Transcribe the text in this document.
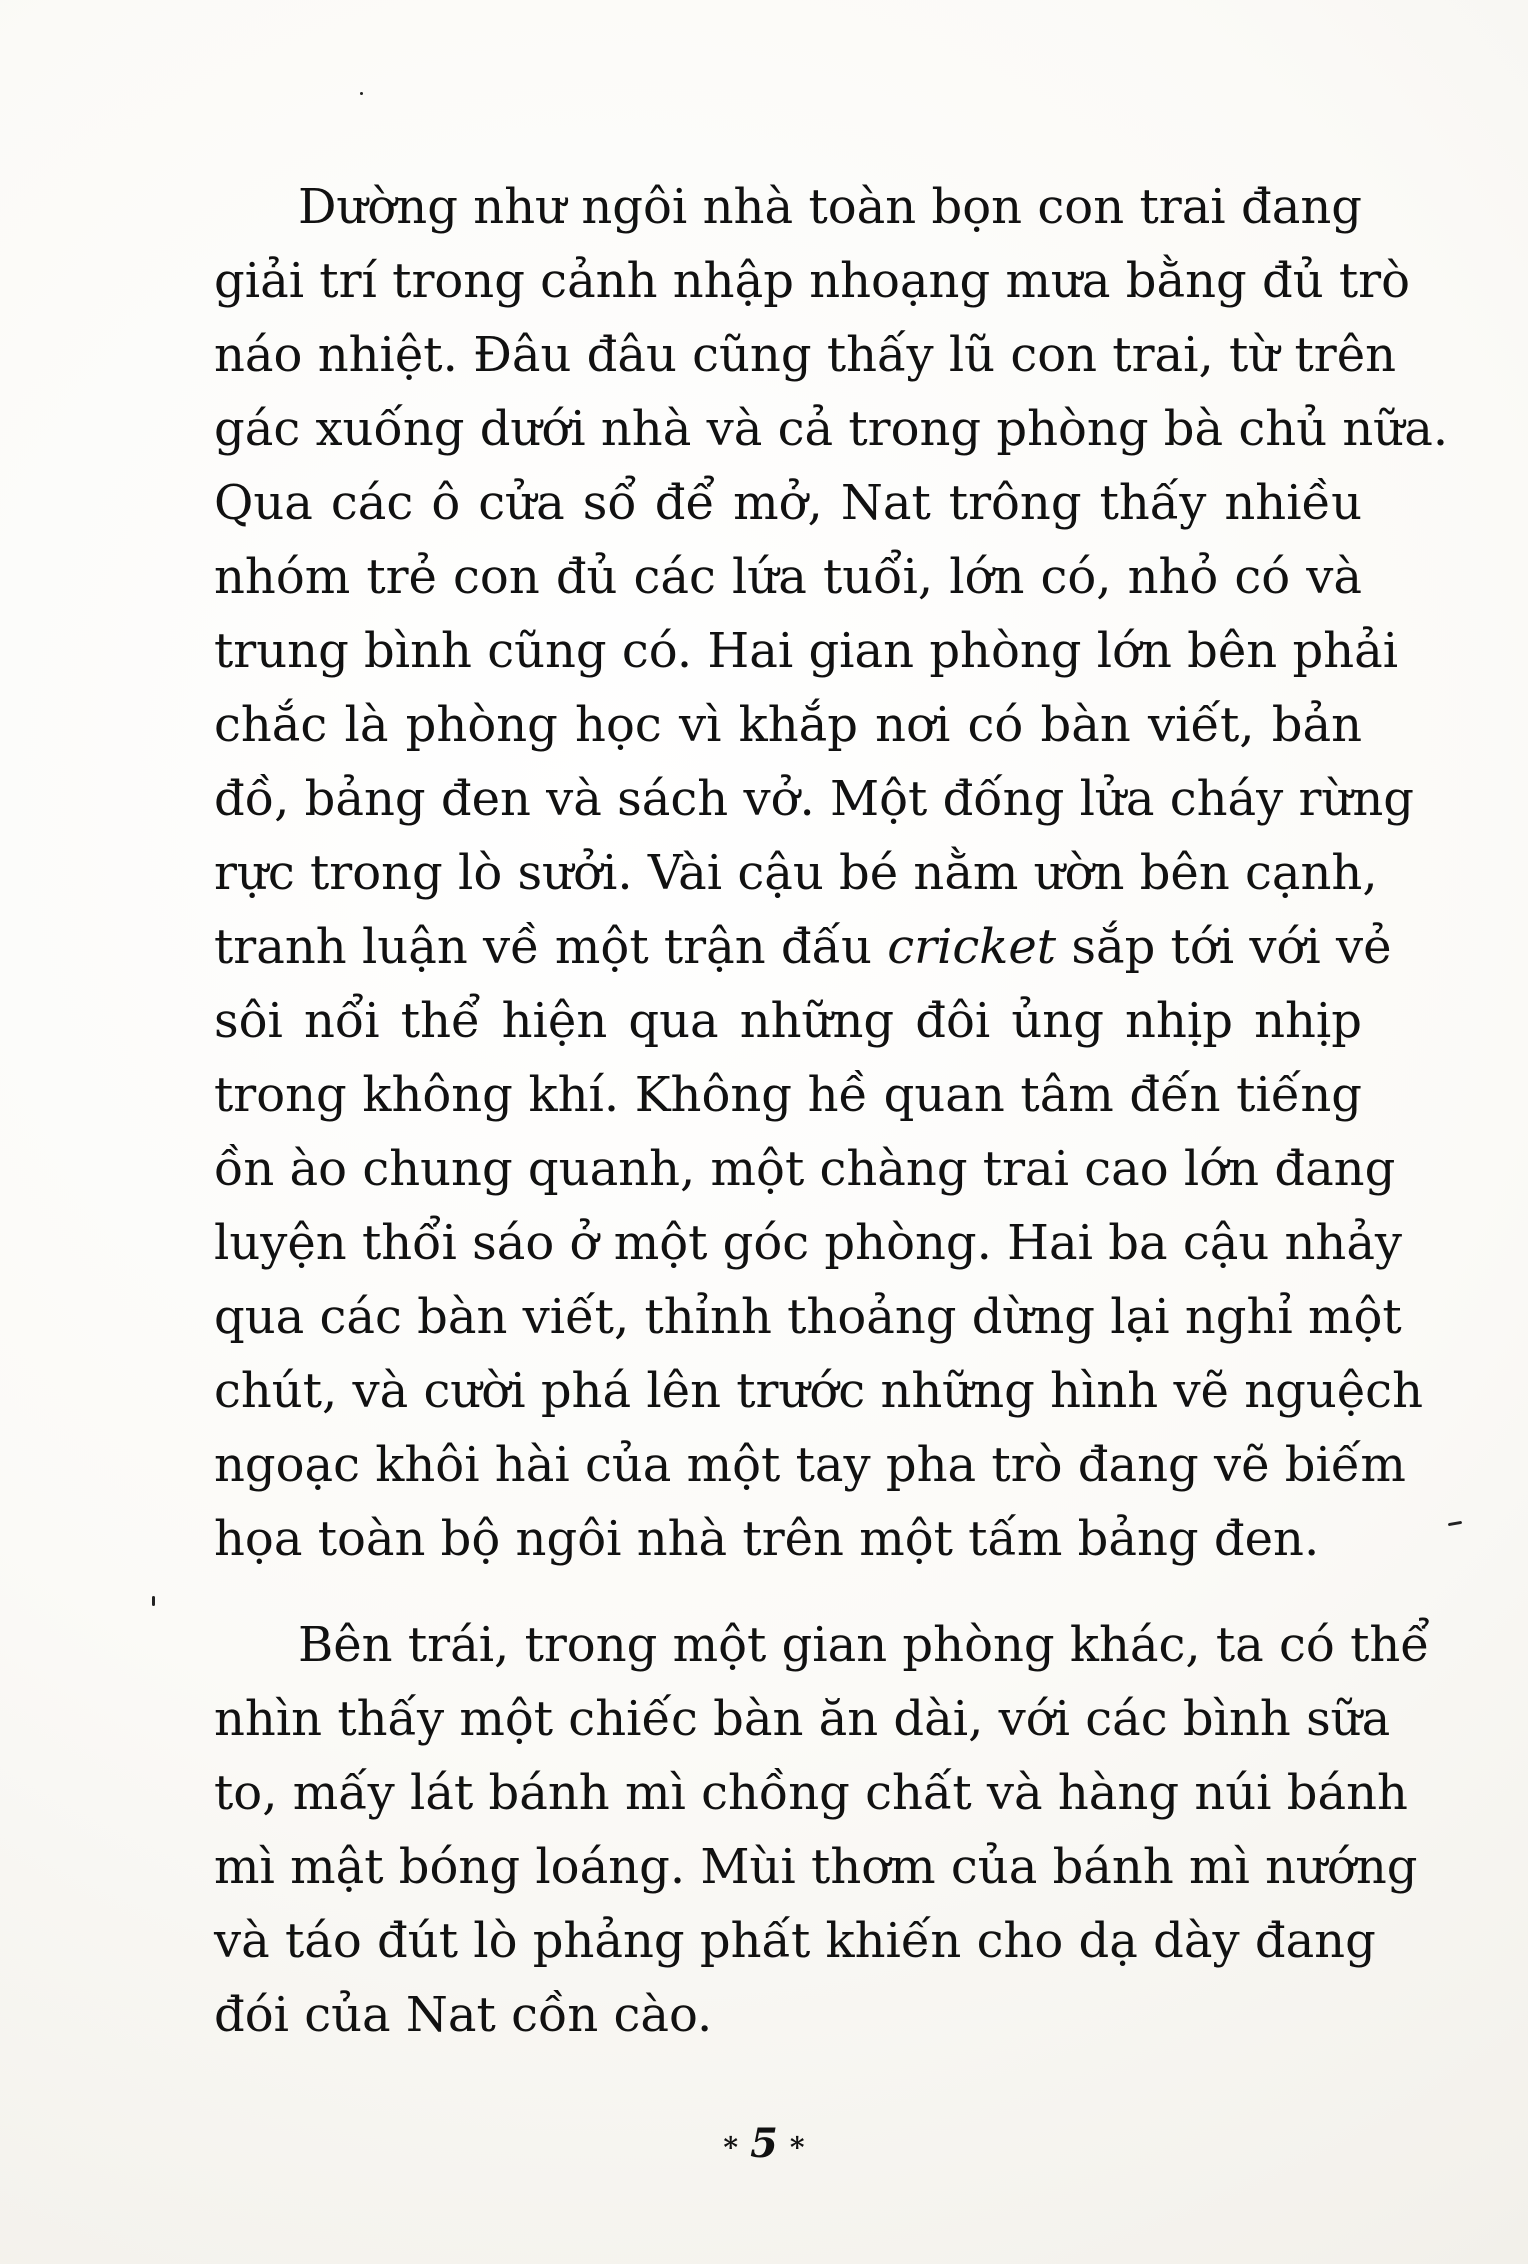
Dường như ngôi nhà toàn bọn con trai đang
giải trí trong cảnh nhập nhoạng mưa bằng đủ trò
náo nhiệt. Đâu đâu cũng thấy lũ con trai, từ trên
gác xuống dưới nhà và cả trong phòng bà chủ nữa.
Qua các ô cửa sổ để mở, Nat trông thấy nhiều
nhóm trẻ con đủ các lứa tuổi, lớn có, nhỏ có và
trung bình cũng có. Hai gian phòng lớn bên phải
chắc là phòng học vì khắp nơi có bàn viết, bản
đồ, bảng đen và sách vở. Một đống lửa cháy rừng
rực trong lò sưởi. Vài cậu bé nằm ườn bên cạnh,
tranh luận về một trận đấu cricket sắp tới với vẻ
sôi nổi thể hiện qua những đôi ủng nhịp nhịp
trong không khí. Không hề quan tâm đến tiếng
ồn ào chung quanh, một chàng trai cao lớn đang
luyện thổi sáo ở một góc phòng. Hai ba cậu nhảy
qua các bàn viết, thỉnh thoảng dừng lại nghỉ một
chút, và cười phá lên trước những hình vẽ nguệch
ngoạc khôi hài của một tay pha trò đang vẽ biếm
họa toàn bộ ngôi nhà trên một tấm bảng đen.

Bên trái, trong một gian phòng khác, ta có thể
nhìn thấy một chiếc bàn ăn dài, với các bình sữa
to, mấy lát bánh mì chồng chất và hàng núi bánh
mì mật bóng loáng. Mùi thơm của bánh mì nướng
và táo đút lò phảng phất khiến cho dạ dày đang
đói của Nat cồn cào.

* 5 *
